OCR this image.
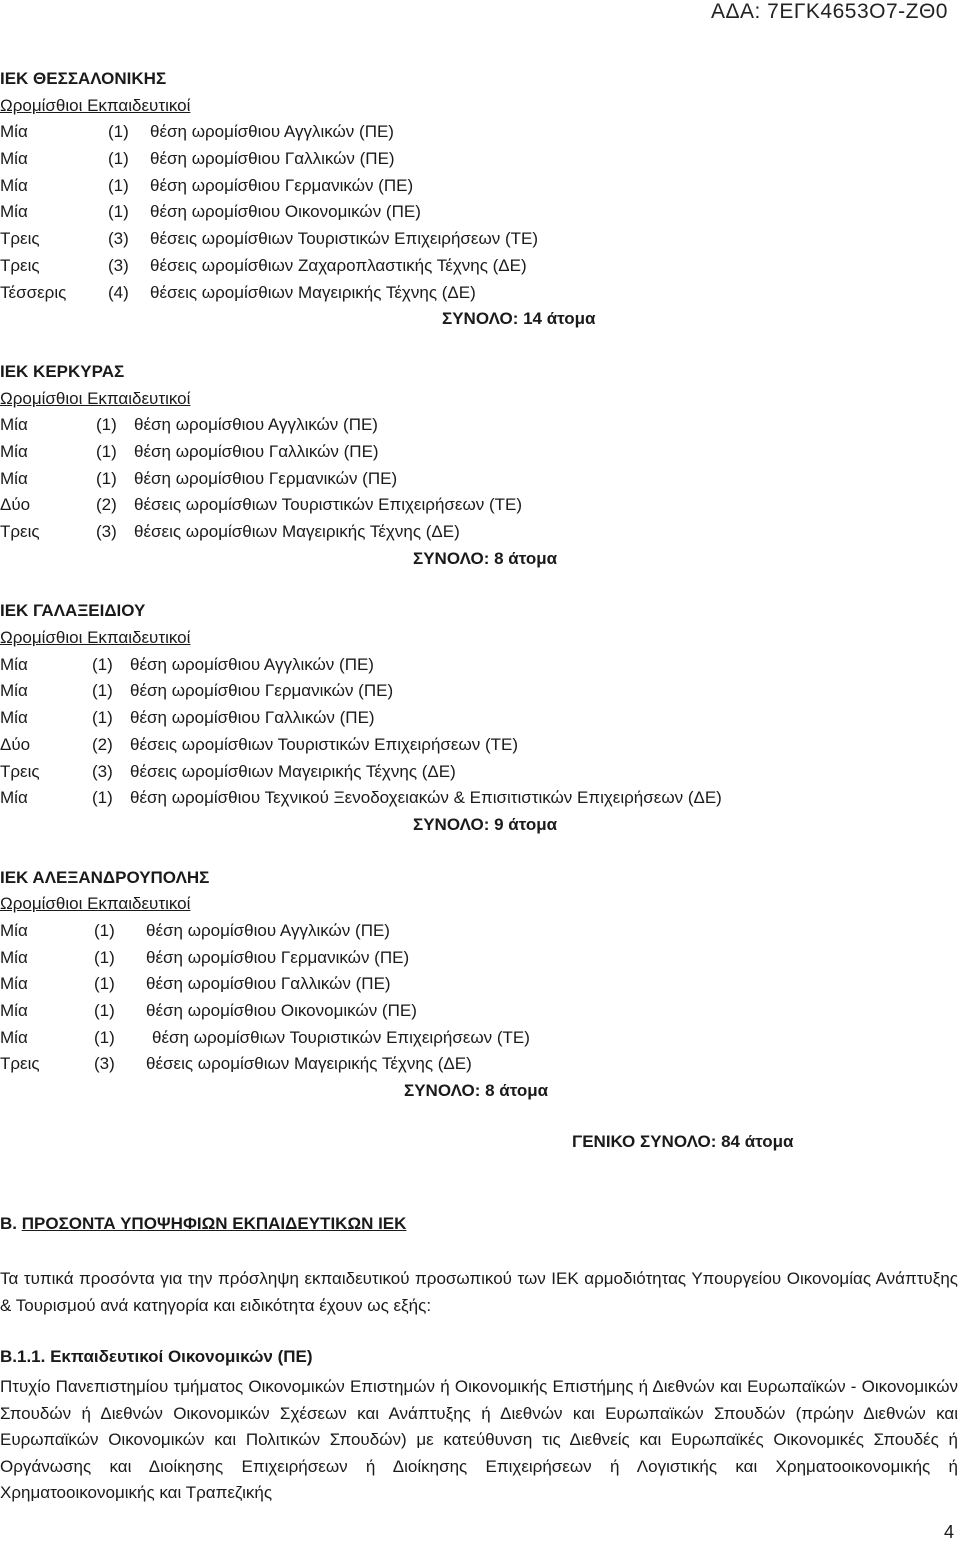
ΑΔΑ: 7ΕΓΚ4653Ο7-ΖΘ0
ΙΕΚ ΘΕΣΣΑΛΟΝΙΚΗΣ
Ωρομίσθιοι Εκπαιδευτικοί
Μία	(1) θέση ωρομίσθιου Αγγλικών (ΠΕ)
Μία	(1) θέση ωρομίσθιου Γαλλικών (ΠΕ)
Μία	(1) θέση ωρομίσθιου Γερμανικών (ΠΕ)
Μία	(1) θέση ωρομίσθιου Οικονομικών (ΠΕ)
Τρεις	(3) θέσεις ωρομίσθιων Τουριστικών Επιχειρήσεων (ΤΕ)
Τρεις	(3) θέσεις ωρομίσθιων Ζαχαροπλαστικής Τέχνης (ΔΕ)
Τέσσερις (4) θέσεις ωρομίσθιων Μαγειρικής Τέχνης (ΔΕ)
ΣΥΝΟΛΟ: 14 άτομα
ΙΕΚ ΚΕΡΚΥΡΑΣ
Ωρομίσθιοι Εκπαιδευτικοί
Μία	(1) θέση ωρομίσθιου Αγγλικών (ΠΕ)
Μία	(1) θέση ωρομίσθιου Γαλλικών (ΠΕ)
Μία	(1) θέση ωρομίσθιου Γερμανικών (ΠΕ)
Δύο	(2) θέσεις ωρομίσθιων Τουριστικών Επιχειρήσεων (ΤΕ)
Τρεις	(3) θέσεις ωρομίσθιων Μαγειρικής Τέχνης (ΔΕ)
ΣΥΝΟΛΟ: 8 άτομα
ΙΕΚ ΓΑΛΑΞΕΙΔΙΟΥ
Ωρομίσθιοι Εκπαιδευτικοί
Μία	(1) θέση ωρομίσθιου Αγγλικών (ΠΕ)
Μία	(1) θέση ωρομίσθιου Γερμανικών (ΠΕ)
Μία	(1) θέση ωρομίσθιου Γαλλικών (ΠΕ)
Δύο	(2) θέσεις ωρομίσθιων Τουριστικών Επιχειρήσεων (ΤΕ)
Τρεις	(3) θέσεις ωρομίσθιων Μαγειρικής Τέχνης (ΔΕ)
Μία	(1) θέση ωρομίσθιου Τεχνικού Ξενοδοχειακών & Επισιτιστικών Επιχειρήσεων (ΔΕ)
ΣΥΝΟΛΟ: 9 άτομα
ΙΕΚ ΑΛΕΞΑΝΔΡΟΥΠΟΛΗΣ
Ωρομίσθιοι Εκπαιδευτικοί
Μία	(1) θέση ωρομίσθιου Αγγλικών (ΠΕ)
Μία	(1) θέση ωρομίσθιου Γερμανικών (ΠΕ)
Μία	(1) θέση ωρομίσθιου Γαλλικών (ΠΕ)
Μία	(1) θέση ωρομίσθιου Οικονομικών (ΠΕ)
Μία	(1) θέση ωρομίσθιων Τουριστικών Επιχειρήσεων (ΤΕ)
Τρεις	(3) θέσεις ωρομίσθιων Μαγειρικής Τέχνης (ΔΕ)
ΣΥΝΟΛΟ: 8 άτομα
ΓΕΝΙΚΟ ΣΥΝΟΛΟ: 84 άτομα
Β. ΠΡΟΣΟΝΤΑ ΥΠΟΨΗΦΙΩΝ ΕΚΠΑΙΔΕΥΤΙΚΩΝ ΙΕΚ
Τα τυπικά προσόντα για την πρόσληψη εκπαιδευτικού προσωπικού των ΙΕΚ αρμοδιότητας Υπουργείου Οικονομίας Ανάπτυξης & Τουρισμού ανά κατηγορία και ειδικότητα έχουν ως εξής:
Β.1.1. Εκπαιδευτικοί Οικονομικών (ΠΕ)
Πτυχίο Πανεπιστημίου τμήματος Οικονομικών Επιστημών ή Οικονομικής Επιστήμης ή Διεθνών και Ευρωπαϊκών - Οικονομικών Σπουδών ή Διεθνών Οικονομικών Σχέσεων και Ανάπτυξης ή Διεθνών και Ευρωπαϊκών Σπουδών (πρώην Διεθνών και Ευρωπαϊκών Οικονομικών και Πολιτικών Σπουδών) με κατεύθυνση τις Διεθνείς και Ευρωπαϊκές Οικονομικές Σπουδές ή Οργάνωσης και Διοίκησης Επιχειρήσεων ή Διοίκησης Επιχειρήσεων ή Λογιστικής και Χρηματοοικονομικής ή Χρηματοοικονομικής και Τραπεζικής
4
